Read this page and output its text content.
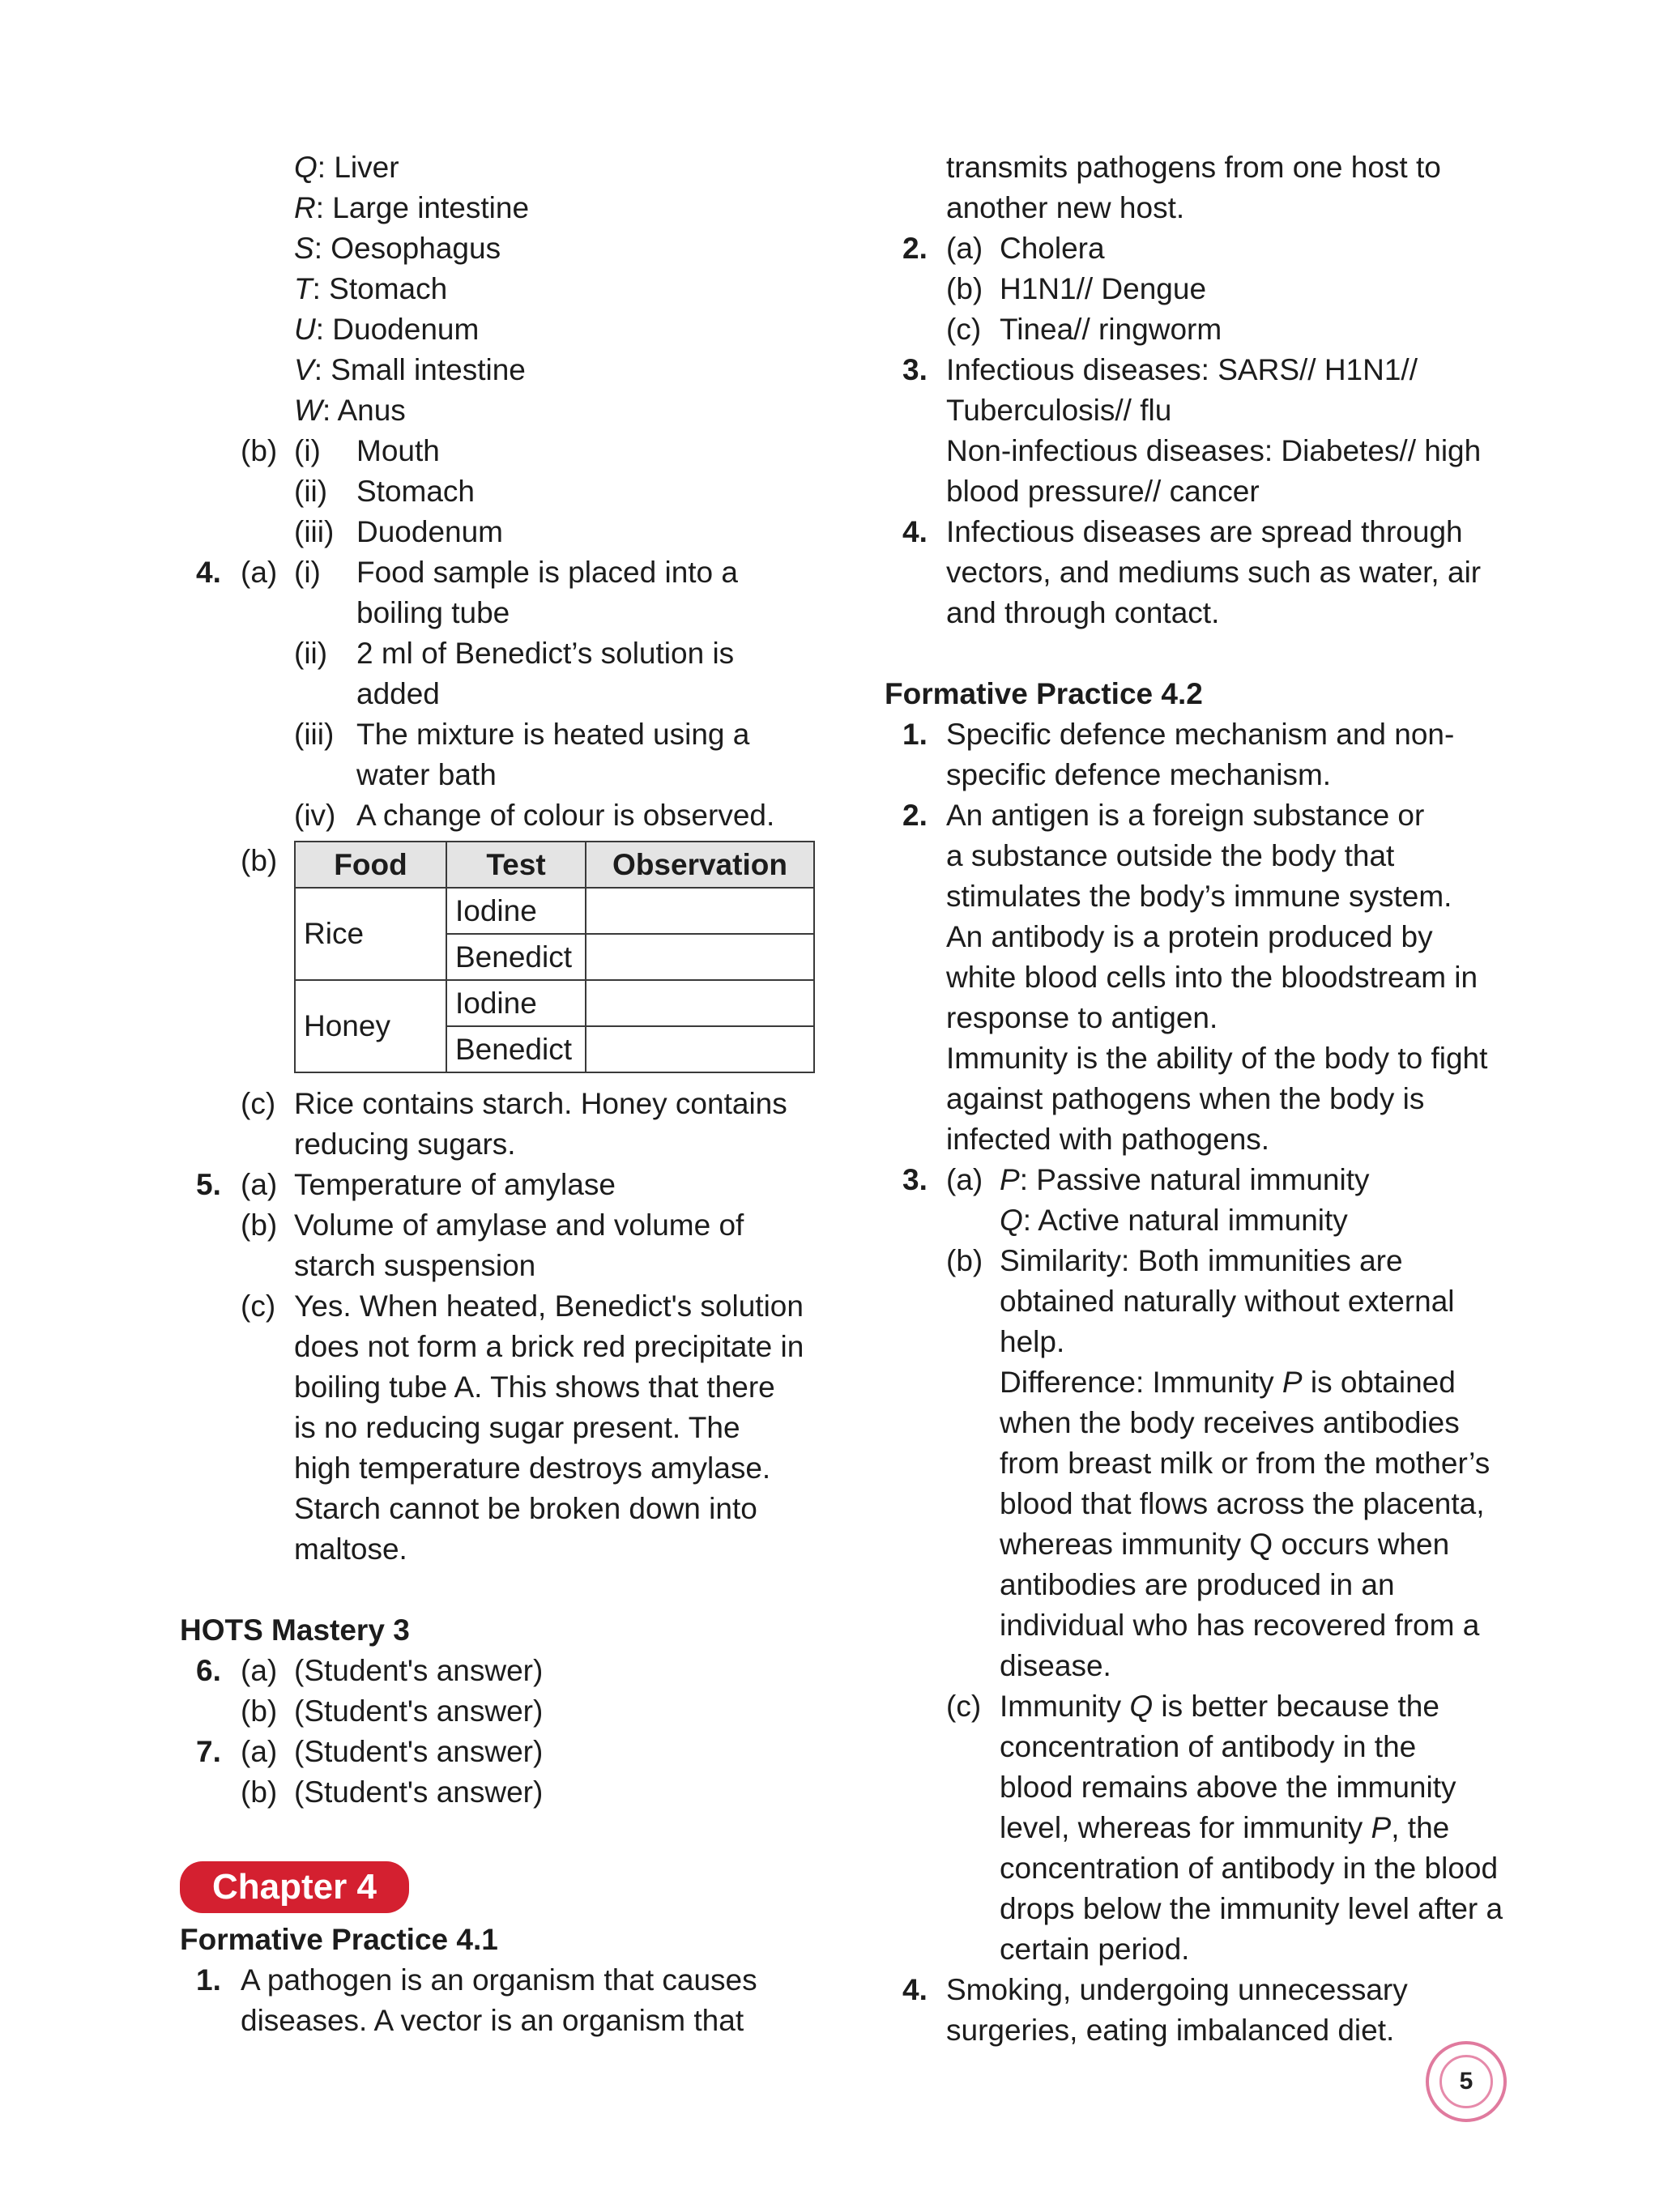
Q: Liver
R: Large intestine
S: Oesophagus
T: Stomach
U: Duodenum
V: Small intestine
W: Anus
(b) (i) Mouth
(ii) Stomach
(iii) Duodenum
4. (a) (i) Food sample is placed into a
boiling tube
(ii) 2 ml of Benedict’s solution is
added
(iii) The mixture is heated using a
water bath
(iv) A change of colour is observed.
(b) Food	Test	Observation
Rice	Iodine	
	Benedict	
Honey	Iodine	
	Benedict	
(c) Rice contains starch. Honey contains
reducing sugars.
5. (a) Temperature of amylase
(b) Volume of amylase and volume of
starch suspension
(c) Yes. When heated, Benedict's solution
does not form a brick red precipitate in
boiling tube A. This shows that there
is no reducing sugar present. The
high temperature destroys amylase.
Starch cannot be broken down into
maltose.
HOTS Mastery 3
6. (a) (Student's answer)
(b) (Student's answer)
7. (a) (Student's answer)
(b) (Student's answer)
Chapter 4
Formative Practice 4.1
1. A pathogen is an organism that causes
diseases. A vector is an organism that
transmits pathogens from one host to
another new host.
2. (a) Cholera
(b) H1N1// Dengue
(c) Tinea// ringworm
3. Infectious diseases: SARS// H1N1//
Tuberculosis// flu
Non-infectious diseases: Diabetes// high
blood pressure// cancer
4. Infectious diseases are spread through
vectors, and mediums such as water, air
and through contact.
Formative Practice 4.2
1. Specific defence mechanism and non-
specific defence mechanism.
2. An antigen is a foreign substance or
a substance outside the body that
stimulates the body’s immune system.
An antibody is a protein produced by
white blood cells into the bloodstream in
response to antigen.
Immunity is the ability of the body to fight
against pathogens when the body is
infected with pathogens.
3. (a) P: Passive natural immunity
Q: Active natural immunity
(b) Similarity: Both immunities are
obtained naturally without external
help.
Difference: Immunity P is obtained
when the body receives antibodies
from breast milk or from the mother’s
blood that flows across the placenta,
whereas immunity Q occurs when
antibodies are produced in an
individual who has recovered from a
disease.
(c) Immunity Q is better because the
concentration of antibody in the
blood remains above the immunity
level, whereas for immunity P, the
concentration of antibody in the blood
drops below the immunity level after a
certain period.
4. Smoking, undergoing unnecessary
surgeries, eating imbalanced diet.
5
